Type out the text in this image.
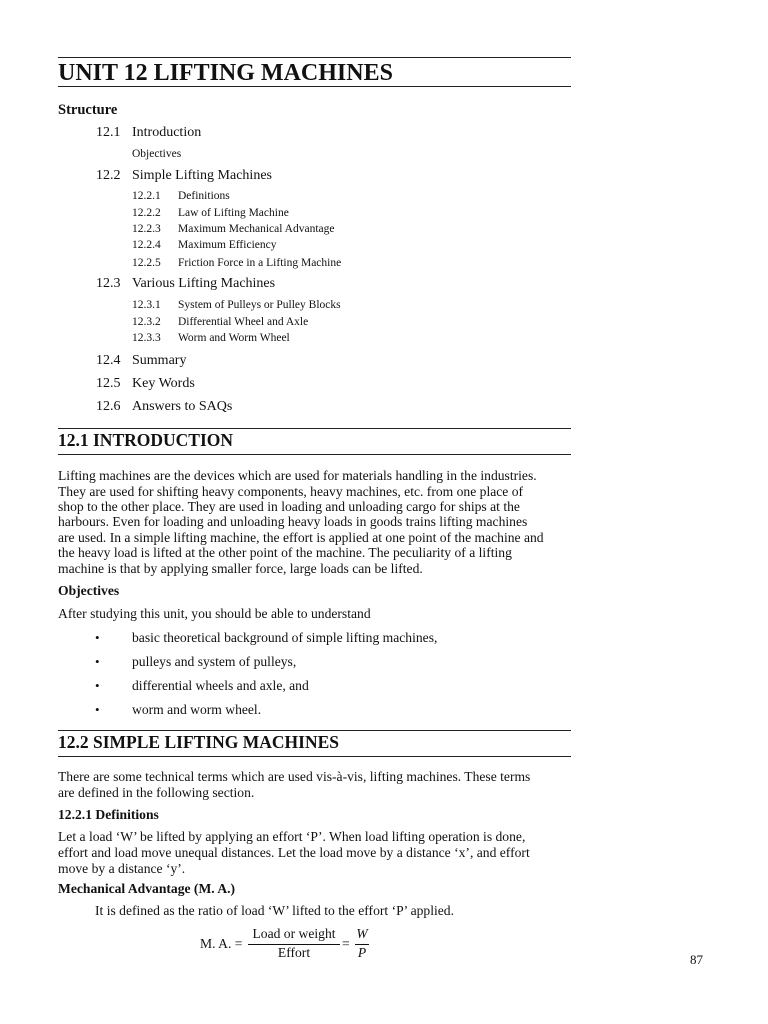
UNIT 12 LIFTING MACHINES
Structure
12.1 Introduction
Objectives
12.2 Simple Lifting Machines
12.2.1 Definitions
12.2.2 Law of Lifting Machine
12.2.3 Maximum Mechanical Advantage
12.2.4 Maximum Efficiency
12.2.5 Friction Force in a Lifting Machine
12.3 Various Lifting Machines
12.3.1 System of Pulleys or Pulley Blocks
12.3.2 Differential Wheel and Axle
12.3.3 Worm and Worm Wheel
12.4 Summary
12.5 Key Words
12.6 Answers to SAQs
12.1 INTRODUCTION
Lifting machines are the devices which are used for materials handling in the industries.
They are used for shifting heavy components, heavy machines, etc. from one place of
shop to the other place. They are used in loading and unloading cargo for ships at the
harbours. Even for loading and unloading heavy loads in goods trains lifting machines
are used. In a simple lifting machine, the effort is applied at one point of the machine and
the heavy load is lifted at the other point of the machine. The peculiarity of a lifting
machine is that by applying smaller force, large loads can be lifted.
Objectives
After studying this unit, you should be able to understand
• basic theoretical background of simple lifting machines,
• pulleys and system of pulleys,
• differential wheels and axle, and
• worm and worm wheel.
12.2 SIMPLE LIFTING MACHINES
There are some technical terms which are used vis-à-vis, lifting machines. These terms
are defined in the following section.
12.2.1 Definitions
Let a load ‘W’ be lifted by applying an effort ‘P’. When load lifting operation is done,
effort and load move unequal distances. Let the load move by a distance ‘x’, and effort
move by a distance ‘y’.
Mechanical Advantage (M. A.)
It is defined as the ratio of load ‘W’ lifted to the effort ‘P’ applied.
M. A. =
Load or weight
Effort
=
W
P	87
